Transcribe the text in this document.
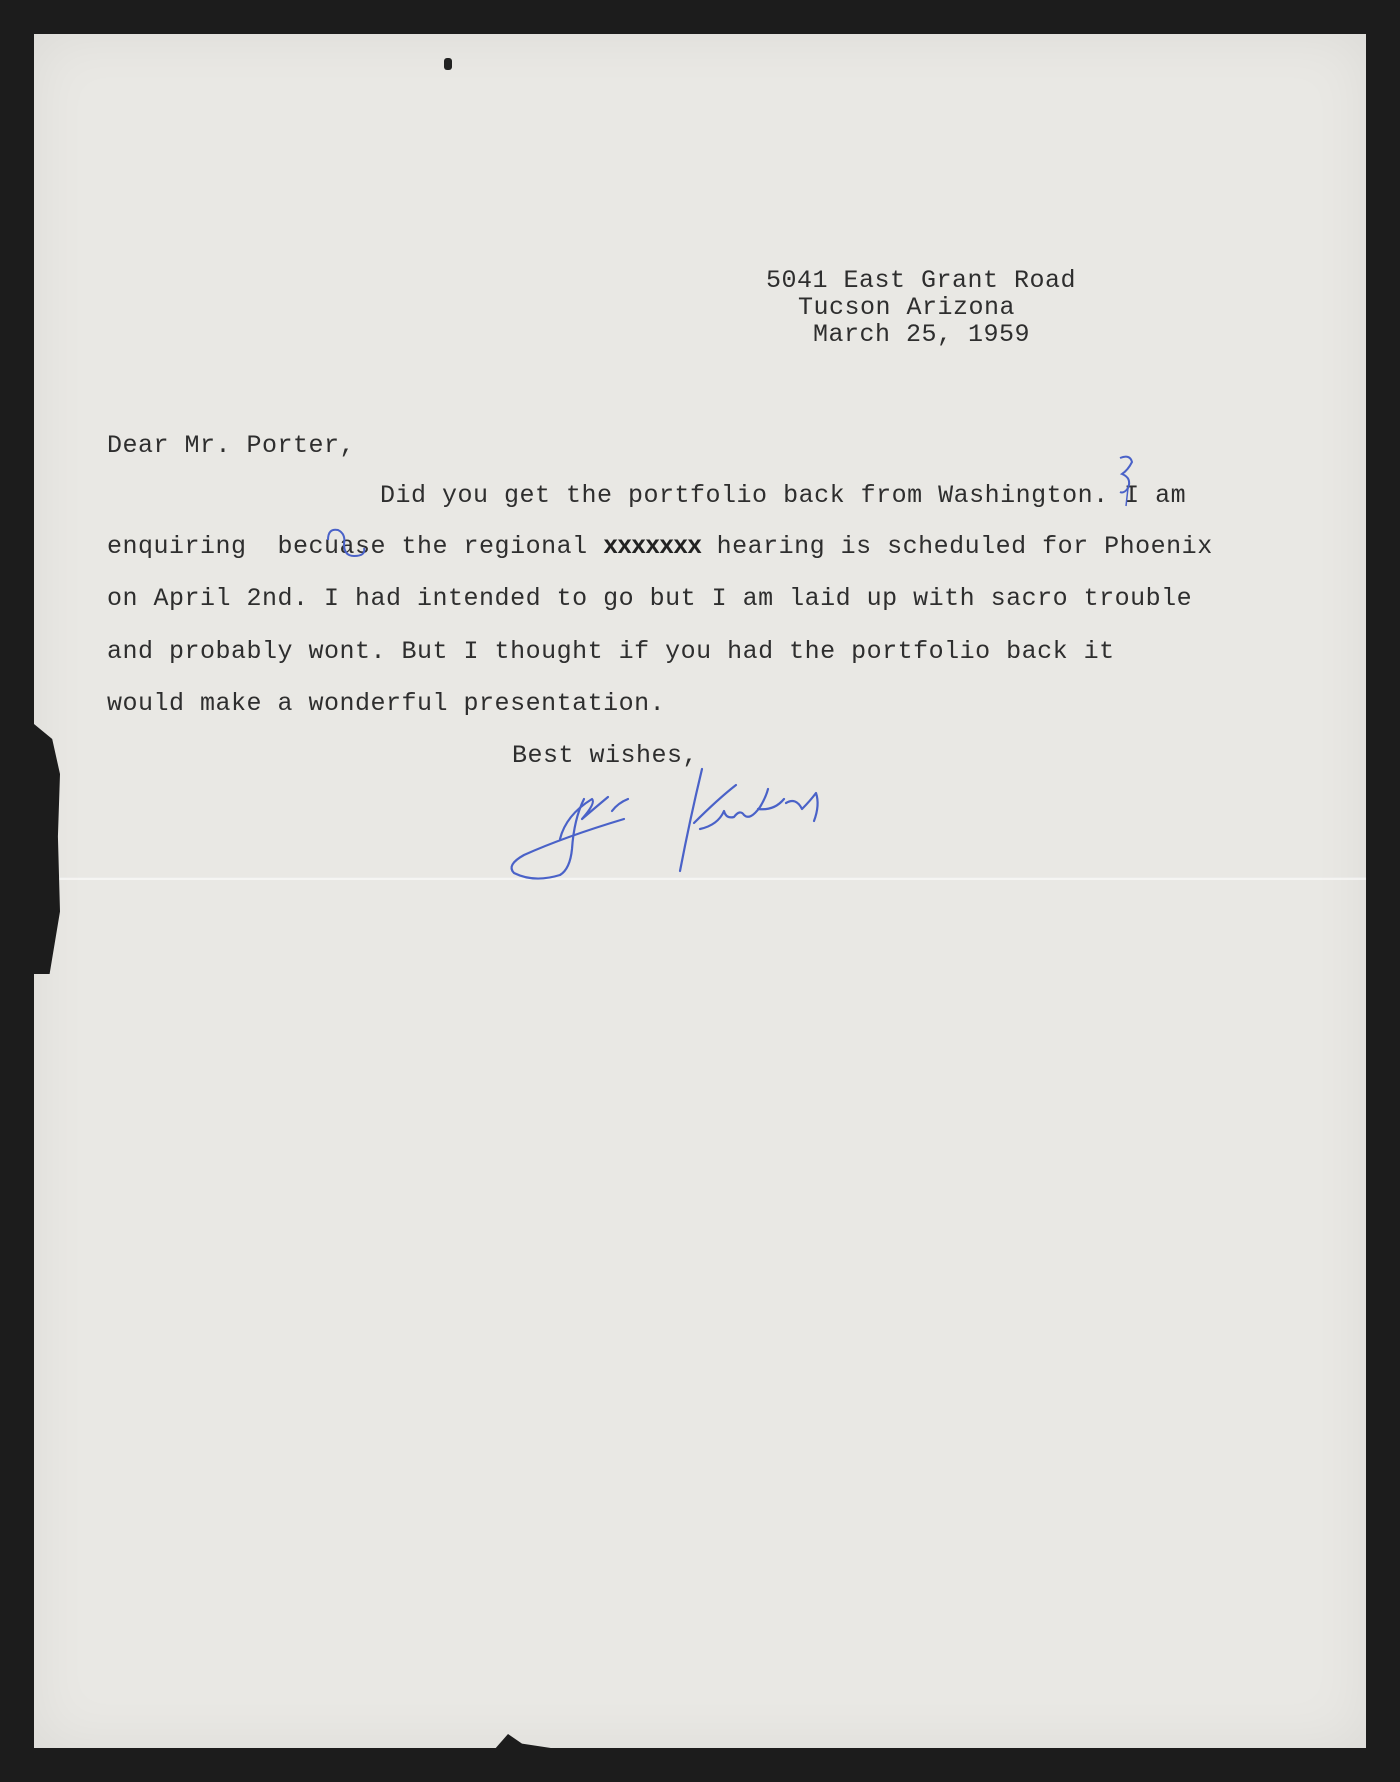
5041 East Grant Road
Tucson Arizona
March 25, 1959
Dear Mr. Porter,
Did you get the portfolio back from Washington. I am
enquiring  becuase the regional xxxxxxx hearing is scheduled for Phoenix
on April 2nd. I had intended to go but I am laid up with sacro trouble
and probably wont. But I thought if you had the portfolio back it
would make a wonderful presentation.
Best wishes,
